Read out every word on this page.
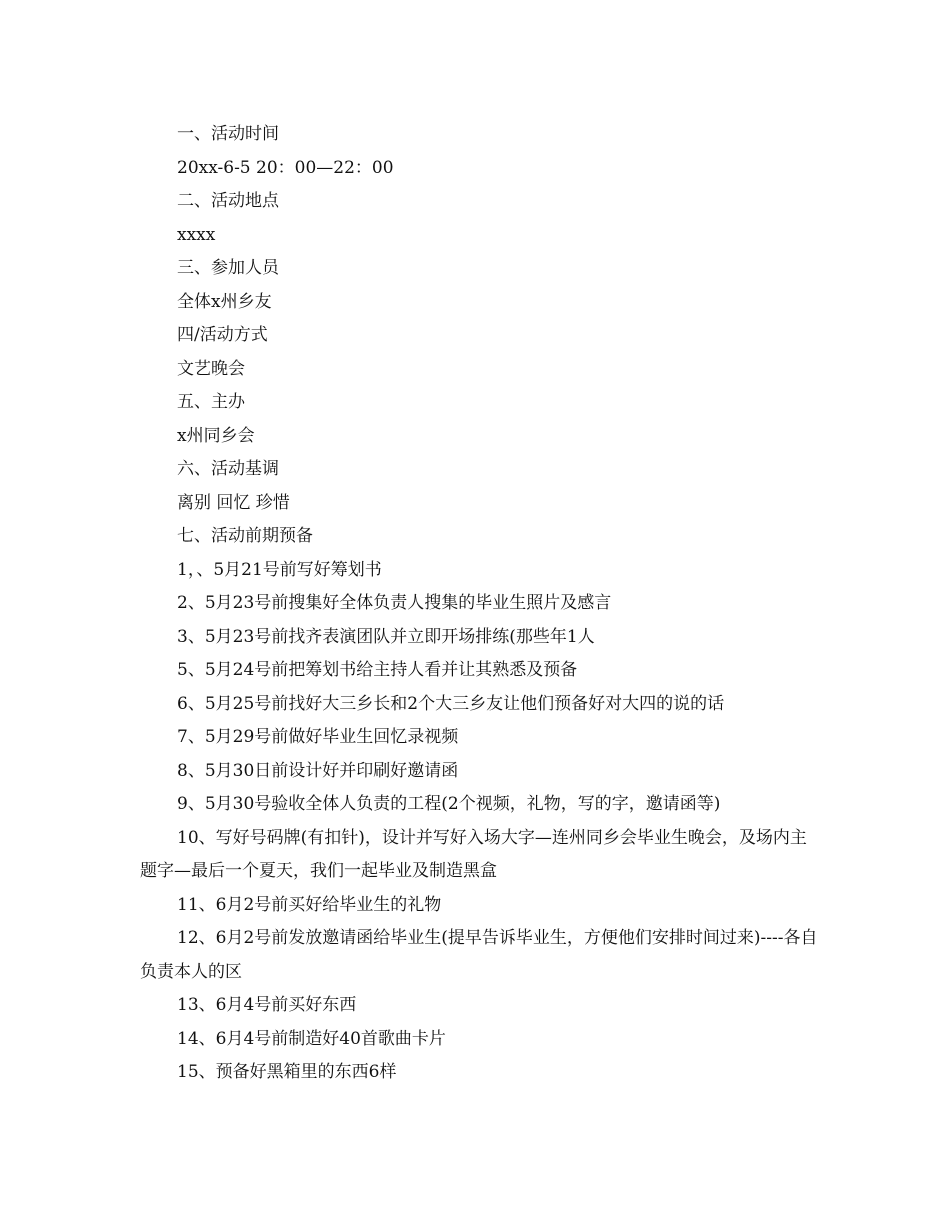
一、活动时间
20xx-6-5 20：00—22：00
二、活动地点
xxxx
三、参加人员
全体x州乡友
四/活动方式
文艺晚会
五、主办
x州同乡会
六、活动基调
离别 回忆 珍惜
七、活动前期预备
1，、5月21号前写好筹划书
2、5月23号前搜集好全体负责人搜集的毕业生照片及感言
3、5月23号前找齐表演团队并立即开场排练(那些年1人
5、5月24号前把筹划书给主持人看并让其熟悉及预备
6、5月25号前找好大三乡长和2个大三乡友让他们预备好对大四的说的话
7、5月29号前做好毕业生回忆录视频
8、5月30日前设计好并印刷好邀请函
9、5月30号验收全体人负责的工程(2个视频，礼物，写的字，邀请函等)
10、写好号码牌(有扣针)，设计并写好入场大字—连州同乡会毕业生晚会，及场内主题字—最后一个夏天，我们一起毕业及制造黑盒
11、6月2号前买好给毕业生的礼物
12、6月2号前发放邀请函给毕业生(提早告诉毕业生，方便他们安排时间过来)----各自负责本人的区
13、6月4号前买好东西
14、6月4号前制造好40首歌曲卡片
15、预备好黑箱里的东西6样
